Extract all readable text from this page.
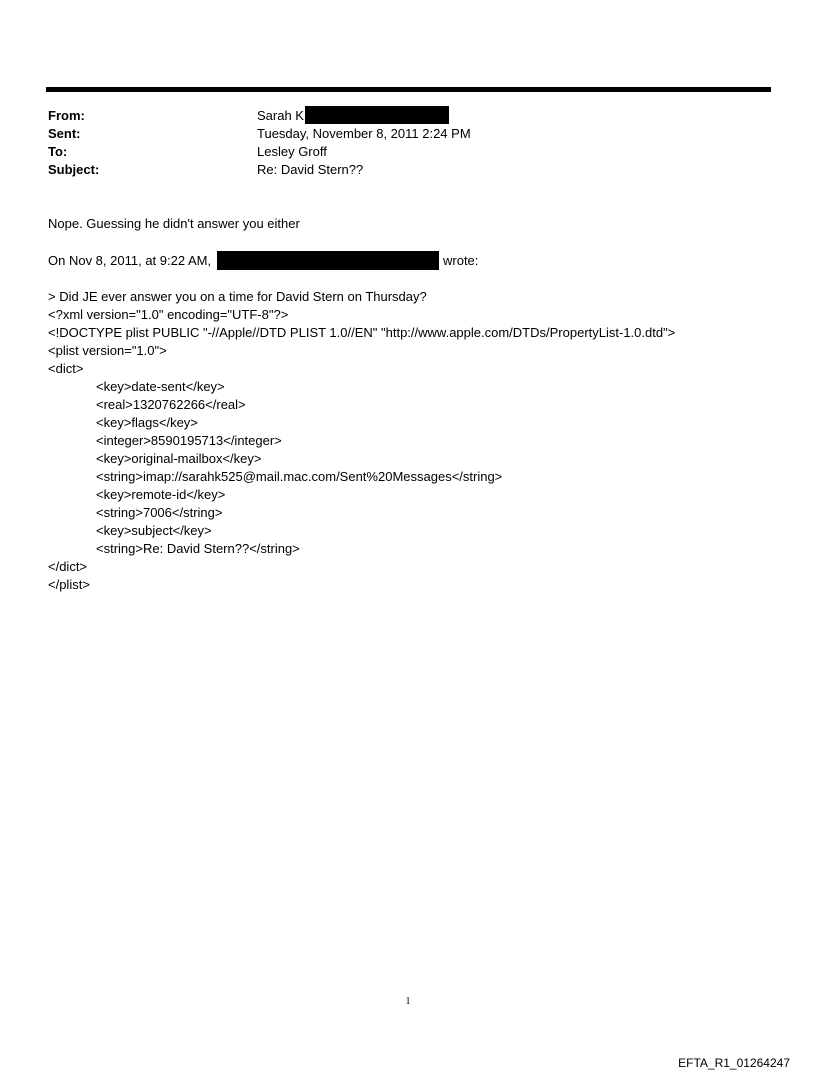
From:	Sarah K
Sent:	Tuesday, November 8, 2011 2:24 PM
To:	Lesley Groff
Subject:	Re: David Stern??
Nope. Guessing he didn't answer you either
On Nov 8, 2011, at 9:22 AM,	wrote:
> Did JE ever answer you on a time for David Stern on Thursday?
<?xml version="1.0" encoding="UTF-8"?>
<!DOCTYPE plist PUBLIC "-//Apple//DTD PLIST 1.0//EN" "http://www.apple.com/DTDs/PropertyList-1.0.dtd">
<plist version="1.0">
<dict>
<key>date-sent</key>
<real>1320762266</real>
<key>flags</key>
<integer>8590195713</integer>
<key>original-mailbox</key>
<string>imap://sarahk525@mail.mac.com/Sent%20Messages</string>
<key>remote-id</key>
<string>7006</string>
<key>subject</key>
<string>Re: David Stern??</string>
</dict>
</plist>
1
EFTA_R1_01264247
